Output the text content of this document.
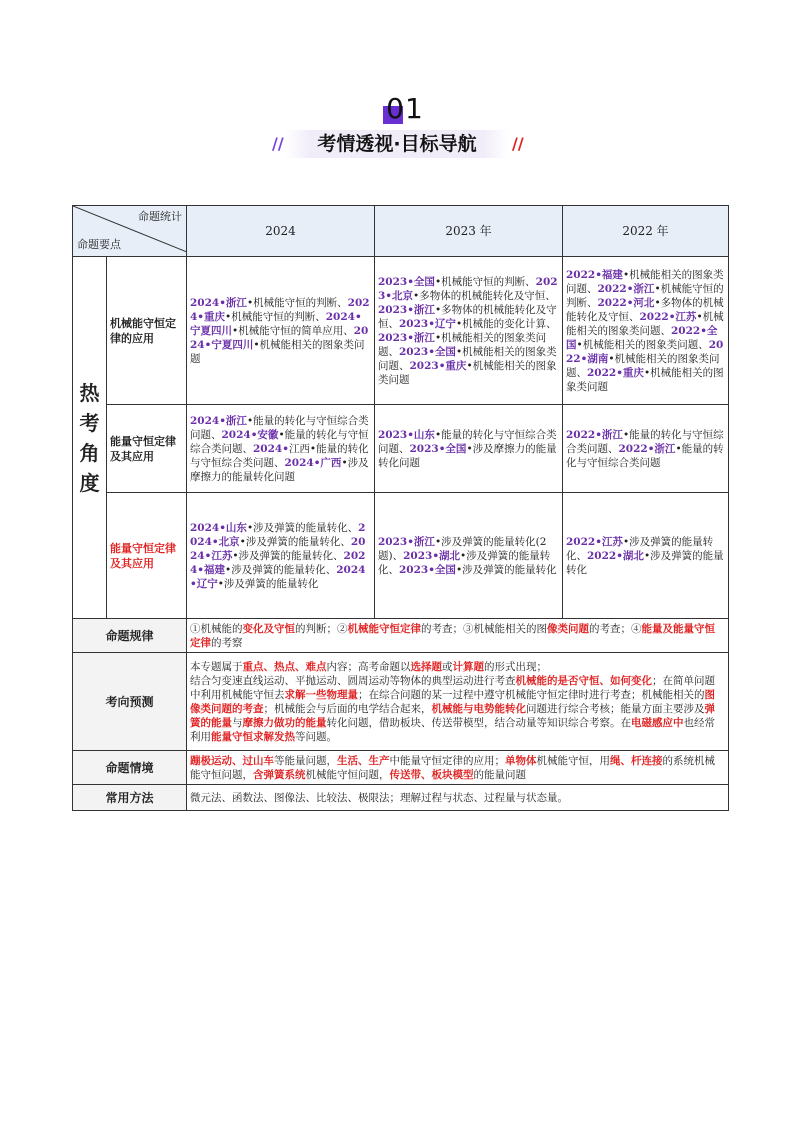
01
考情透视·目标导航
//	//
命题统计
命题要点		2024	2023 年	2022 年
热
考
角
度	机械能守恒定律的应用	2024•浙江•机械能守恒的判断、2024•重庆•机械能守恒的判断、2024•宁夏四川•机械能守恒的简单应用、2024•宁夏四川•机械能相关的图象类问题	2023•全国•机械能守恒的判断、2023•北京•多物体的机械能转化及守恒、2023•浙江•多物体的机械能转化及守恒、2023•辽宁•机械能的变化计算、2023•浙江•机械能相关的图象类问题、2023•全国•机械能相关的图象类问题、2023•重庆•机械能相关的图象类问题	2022•福建•机械能相关的图象类问题、2022•浙江•机械能守恒的判断、2022•河北•多物体的机械能转化及守恒、2022•江苏•机械能相关的图象类问题、2022•全国•机械能相关的图象类问题、2022•湖南•机械能相关的图象类问题、2022•重庆•机械能相关的图象类问题
	能量守恒定律及其应用	2024•浙江•能量的转化与守恒综合类问题、2024•安徽•能量的转化与守恒综合类问题、2024•江西•能量的转化与守恒综合类问题、2024•广西•涉及摩擦力的能量转化问题	2023•山东•能量的转化与守恒综合类问题、2023•全国•涉及摩擦力的能量转化问题	2022•浙江•能量的转化与守恒综合类问题、2022•浙江•能量的转化与守恒综合类问题
	能量守恒定律及其应用	2024•山东•涉及弹簧的能量转化、2024•北京•涉及弹簧的能量转化、2024•江苏•涉及弹簧的能量转化、2024•福建•涉及弹簧的能量转化、2024•辽宁•涉及弹簧的能量转化	2023•浙江•涉及弹簧的能量转化(2 题)、2023•湖北•涉及弹簧的能量转化、2023•全国•涉及弹簧的能量转化	2022•江苏•涉及弹簧的能量转化、2022•湖北•涉及弹簧的能量转化
命题规律		①机械能的变化及守恒的判断；②机械能守恒定律的考查；③机械能相关的图像类问题的考查；④能量及能量守恒定律的考察		
考向预测		本专题属于重点、热点、难点内容；高考命题以选择题或计算题的形式出现；
结合匀变速直线运动、平抛运动、圆周运动等物体的典型运动进行考查机械能的是否守恒、如何变化；在简单问题中利用机械能守恒去求解一些物理量；在综合问题的某一过程中遵守机械能守恒定律时进行考查；机械能相关的图像类问题的考查；机械能会与后面的电学结合起来，机械能与电势能转化问题进行综合考核；能量方面主要涉及弹簧的能量与摩擦力做功的能量转化问题，借助板块、传送带模型，结合动量等知识综合考察。在电磁感应中也经常利用能量守恒求解发热等问题。		

命题情境		蹦极运动、过山车等能量问题，生活、生产中能量守恒定律的应用；单物体机械能守恒，用绳、杆连接的系统机械能守恒问题，含弹簧系统机械能守恒问题，传送带、板块模型的能量问题		
常用方法		微元法、函数法、图像法、比较法、极限法；理解过程与状态、过程量与状态量。		
